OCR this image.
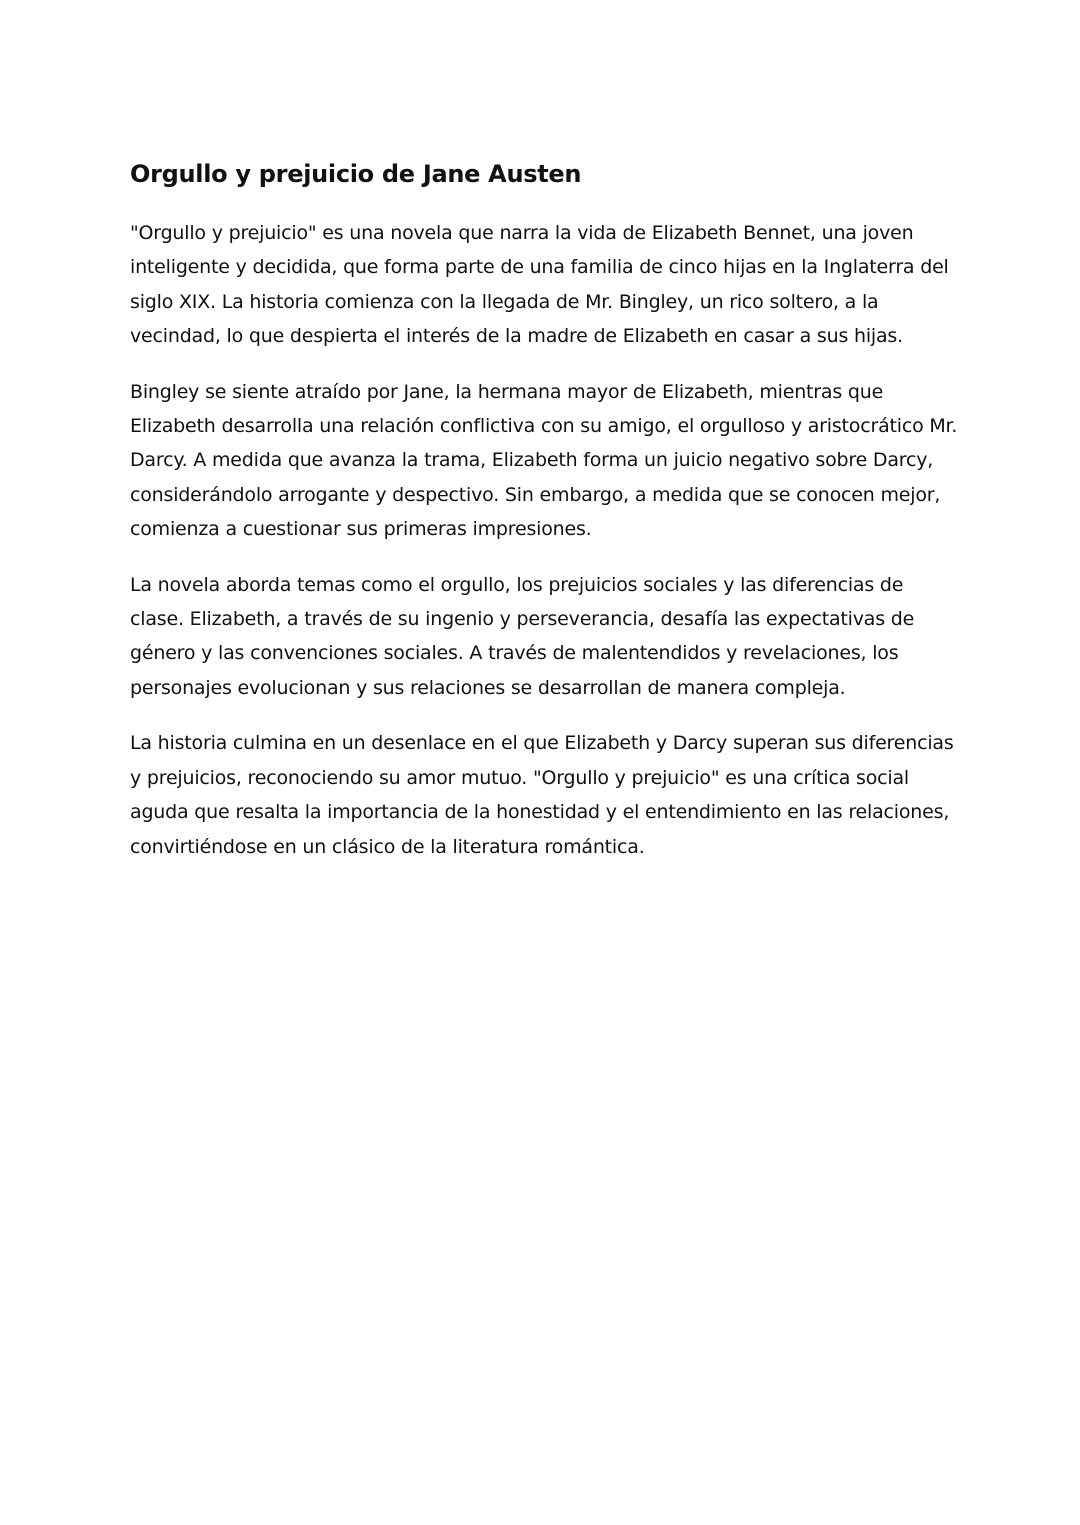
Orgullo y prejuicio de Jane Austen

"Orgullo y prejuicio" es una novela que narra la vida de Elizabeth Bennet, una joven inteligente y decidida, que forma parte de una familia de cinco hijas en la Inglaterra del siglo XIX. La historia comienza con la llegada de Mr. Bingley, un rico soltero, a la vecindad, lo que despierta el interés de la madre de Elizabeth en casar a sus hijas.

Bingley se siente atraído por Jane, la hermana mayor de Elizabeth, mientras que Elizabeth desarrolla una relación conflictiva con su amigo, el orgulloso y aristocrático Mr. Darcy. A medida que avanza la trama, Elizabeth forma un juicio negativo sobre Darcy, considerándolo arrogante y despectivo. Sin embargo, a medida que se conocen mejor, comienza a cuestionar sus primeras impresiones.

La novela aborda temas como el orgullo, los prejuicios sociales y las diferencias de clase. Elizabeth, a través de su ingenio y perseverancia, desafía las expectativas de género y las convenciones sociales. A través de malentendidos y revelaciones, los personajes evolucionan y sus relaciones se desarrollan de manera compleja.

La historia culmina en un desenlace en el que Elizabeth y Darcy superan sus diferencias y prejuicios, reconociendo su amor mutuo. "Orgullo y prejuicio" es una crítica social aguda que resalta la importancia de la honestidad y el entendimiento en las relaciones, convirtiéndose en un clásico de la literatura romántica.
